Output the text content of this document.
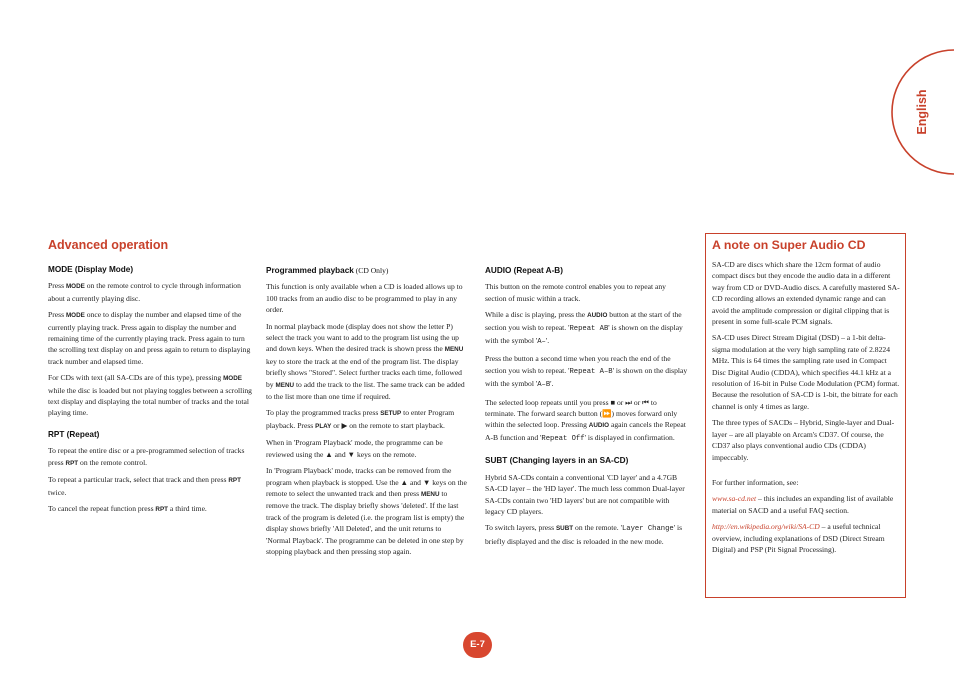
English
Advanced operation
MODE (Display Mode)

Press MODE on the remote control to cycle through information about a currently playing disc.

Press MODE once to display the number and elapsed time of the currently playing track. Press again to display the number and remaining time of the currently playing track. Press again to turn the scrolling text display on and press again to return to displaying track number and elapsed time.

For CDs with text (all SA-CDs are of this type), pressing MODE while the disc is loaded but not playing toggles between a scrolling text display and displaying the total number of tracks and the total playing time.

RPT (Repeat)

To repeat the entire disc or a pre-programmed selection of tracks press RPT on the remote control.

To repeat a particular track, select that track and then press RPT twice.

To cancel the repeat function press RPT a third time.

Programmed playback (CD Only)

This function is only available when a CD is loaded allows up to 100 tracks from an audio disc to be programmed to play in any order.

In normal playback mode (display does not show the letter P) select the track you want to add to the program list using the up and down keys. When the desired track is shown press the MENU key to store the track at the end of the program list. The display briefly shows "Stored". Select further tracks each time, followed by MENU to add the track to the list. The same track can be added to the list more than one time if required.

To play the programmed tracks press SETUP to enter Program playback. Press PLAY or ▶ on the remote to start playback.

When in 'Program Playback' mode, the programme can be reviewed using the ▲ and ▼ keys on the remote.

In 'Program Playback' mode, tracks can be removed from the program when playback is stopped. Use the ▲ and ▼ keys on the remote to select the unwanted track and then press MENU to remove the track. The display briefly shows 'deleted'. If the last track of the program is deleted (i.e. the program list is empty) the display shows briefly 'All Deleted', and the unit returns to 'Normal Playback'. The programme can be deleted in one step by stopping playback and then pressing stop again.

AUDIO (Repeat A-B)

This button on the remote control enables you to repeat any section of music within a track.

While a disc is playing, press the AUDIO button at the start of the section you wish to repeat. 'Repeat AB' is shown on the display with the symbol 'A–'.

Press the button a second time when you reach the end of the section you wish to repeat. 'Repeat A–B' is shown on the display with the symbol 'A–B'.

The selected loop repeats until you press ■ or ⏭ or ⏮ to terminate. The forward search button (⏩) moves forward only within the selected loop. Pressing AUDIO again cancels the Repeat A-B function and 'Repeat Off' is displayed in confirmation.

SUBT (Changing layers in an SA-CD)

Hybrid SA-CDs contain a conventional 'CD layer' and a 4.7GB SA-CD layer – the 'HD layer'. The much less common Dual-layer SA-CDs contain two 'HD layers' but are not compatible with legacy CD players.

To switch layers, press SUBT on the remote. 'Layer Change' is briefly displayed and the disc is reloaded in the new mode.

A note on Super Audio CD

SA-CD are discs which share the 12cm format of audio compact discs but they encode the audio data in a different way from CD or DVD-Audio discs. A carefully mastered SA-CD recording allows an extended dynamic range and can avoid the amplitude compression or digital clipping that is present in some full-scale PCM signals.

SA-CD uses Direct Stream Digital (DSD) – a 1-bit delta-sigma modulation at the very high sampling rate of 2.8224 MHz. This is 64 times the sampling rate used in Compact Disc Digital Audio (CDDA), which specifies 44.1 kHz at a resolution of 16-bit in Pulse Code Modulation (PCM) format. Because the resolution of SA-CD is 1-bit, the bitrate for each channel is only 4 times as large.

The three types of SACDs – Hybrid, Single-layer and Dual-layer – are all playable on Arcam's CD37. Of course, the CD37 also plays conventional audio CDs (CDDA) impeccably.

For further information, see:

www.sa-cd.net – this includes an expanding list of available material on SACD and a useful FAQ section.

http://en.wikipedia.org/wiki/SA-CD – a useful technical overview, including explanations of DSD (Direct Stream Digital) and PSP (Pit Signal Processing).

E-7
